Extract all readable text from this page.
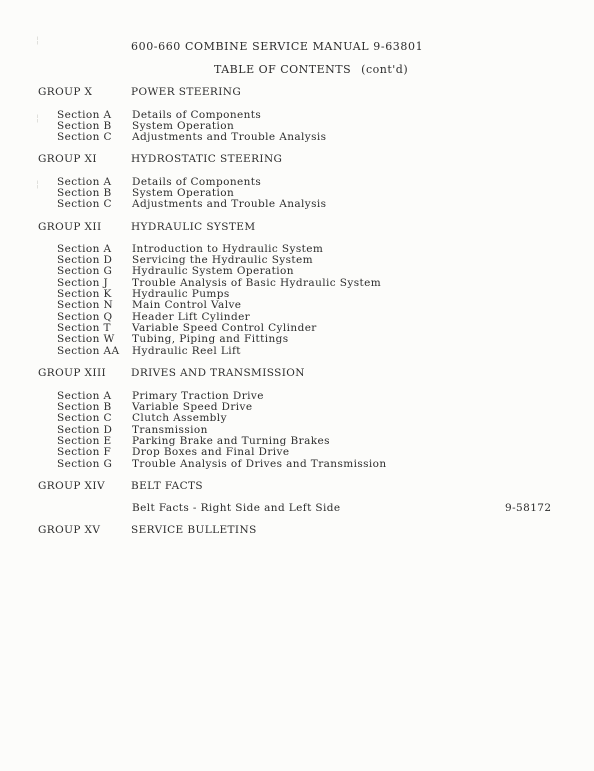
600-660 COMBINE SERVICE MANUAL 9-63801
TABLE OF CONTENTS (cont'd)
¦
¦
¦
GROUP X	POWER STEERING
Section A Details of Components
Section B System Operation
Section C Adjustments and Trouble Analysis
GROUP XI	HYDROSTATIC STEERING
Section A Details of Components
Section B System Operation
Section C Adjustments and Trouble Analysis
GROUP XII	HYDRAULIC SYSTEM
Section A Introduction to Hydraulic System
Section D Servicing the Hydraulic System
Section G Hydraulic System Operation
Section J Trouble Analysis of Basic Hydraulic System
Section K Hydraulic Pumps
Section N Main Control Valve
Section Q Header Lift Cylinder
Section T Variable Speed Control Cylinder
Section W Tubing, Piping and Fittings
Section AA Hydraulic Reel Lift
GROUP XIII DRIVES AND TRANSMISSION
Section A Primary Traction Drive
Section B Variable Speed Drive
Section C Clutch Assembly
Section D Transmission
Section E Parking Brake and Turning Brakes
Section F Drop Boxes and Final Drive
Section G Trouble Analysis of Drives and Transmission
GROUP XIV BELT FACTS
Belt Facts - Right Side and Left Side	9-58172
GROUP XV	SERVICE BULLETINS
